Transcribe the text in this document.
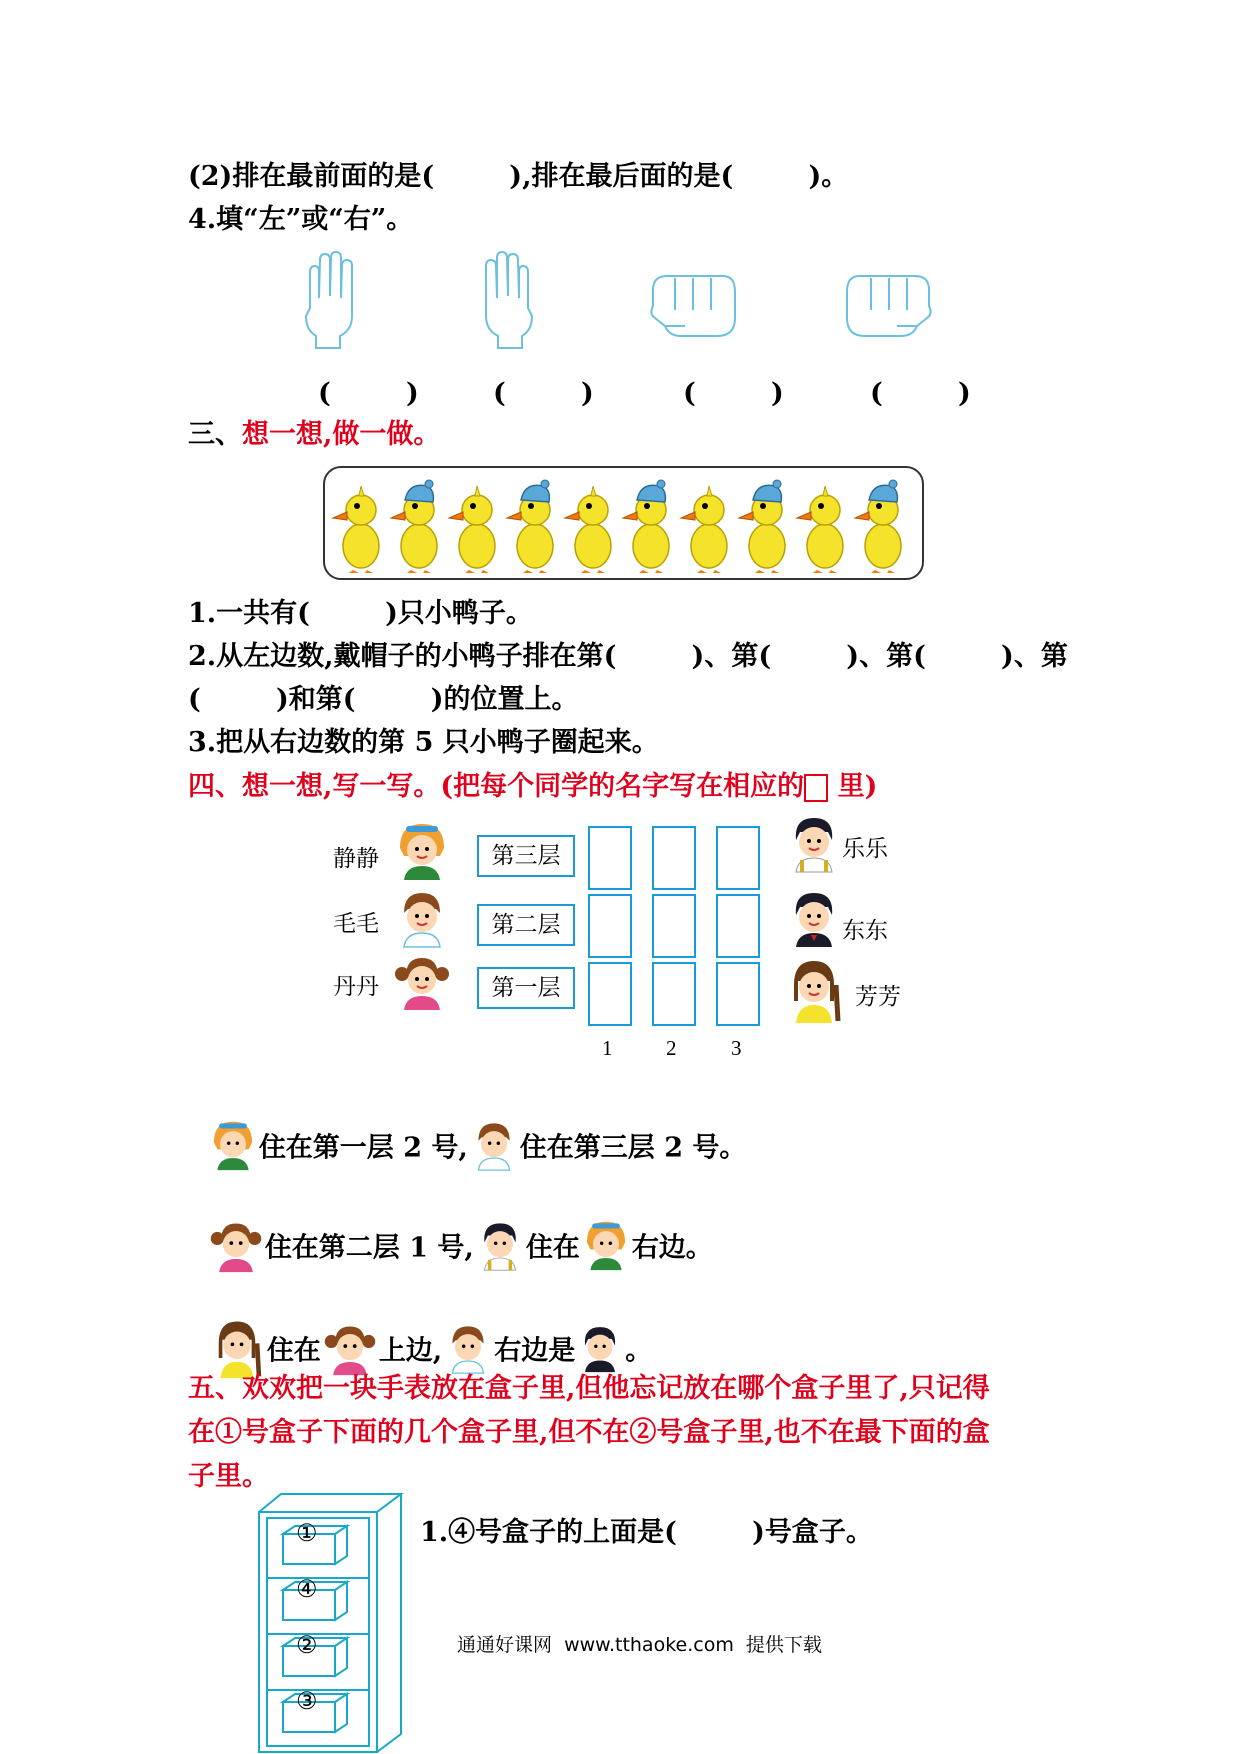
(2)排在最前面的是(        ),排在最后面的是(        )。
4.填“左”或“右”。
(        )	(        )	(        )	(        )
三、想一想,做一做。
1.一共有(        )只小鸭子。
2.从左边数,戴帽子的小鸭子排在第(        )、第(        )、第(        )、第
(        )和第(        )的位置上。
3.把从右边数的第 5 只小鸭子圈起来。
四、想一想,写一写。(把每个同学的名字写在相应的 里)
静静
毛毛
丹丹
第三层
第二层
第一层
1	2	3
乐乐
东东
芳芳

住在第一层 2 号, 住在第三层 2 号。

住在第二层 1 号, 住在 右边。

住在 上边, 右边是 。

五、欢欢把一块手表放在盒子里,但他忘记放在哪个盒子里了,只记得
在①号盒子下面的几个盒子里,但不在②号盒子里,也不在最下面的盒
子里。
①
④
②
③
1.④号盒子的上面是(        )号盒子。
通通好课网  www.tthaoke.com  提供下载
